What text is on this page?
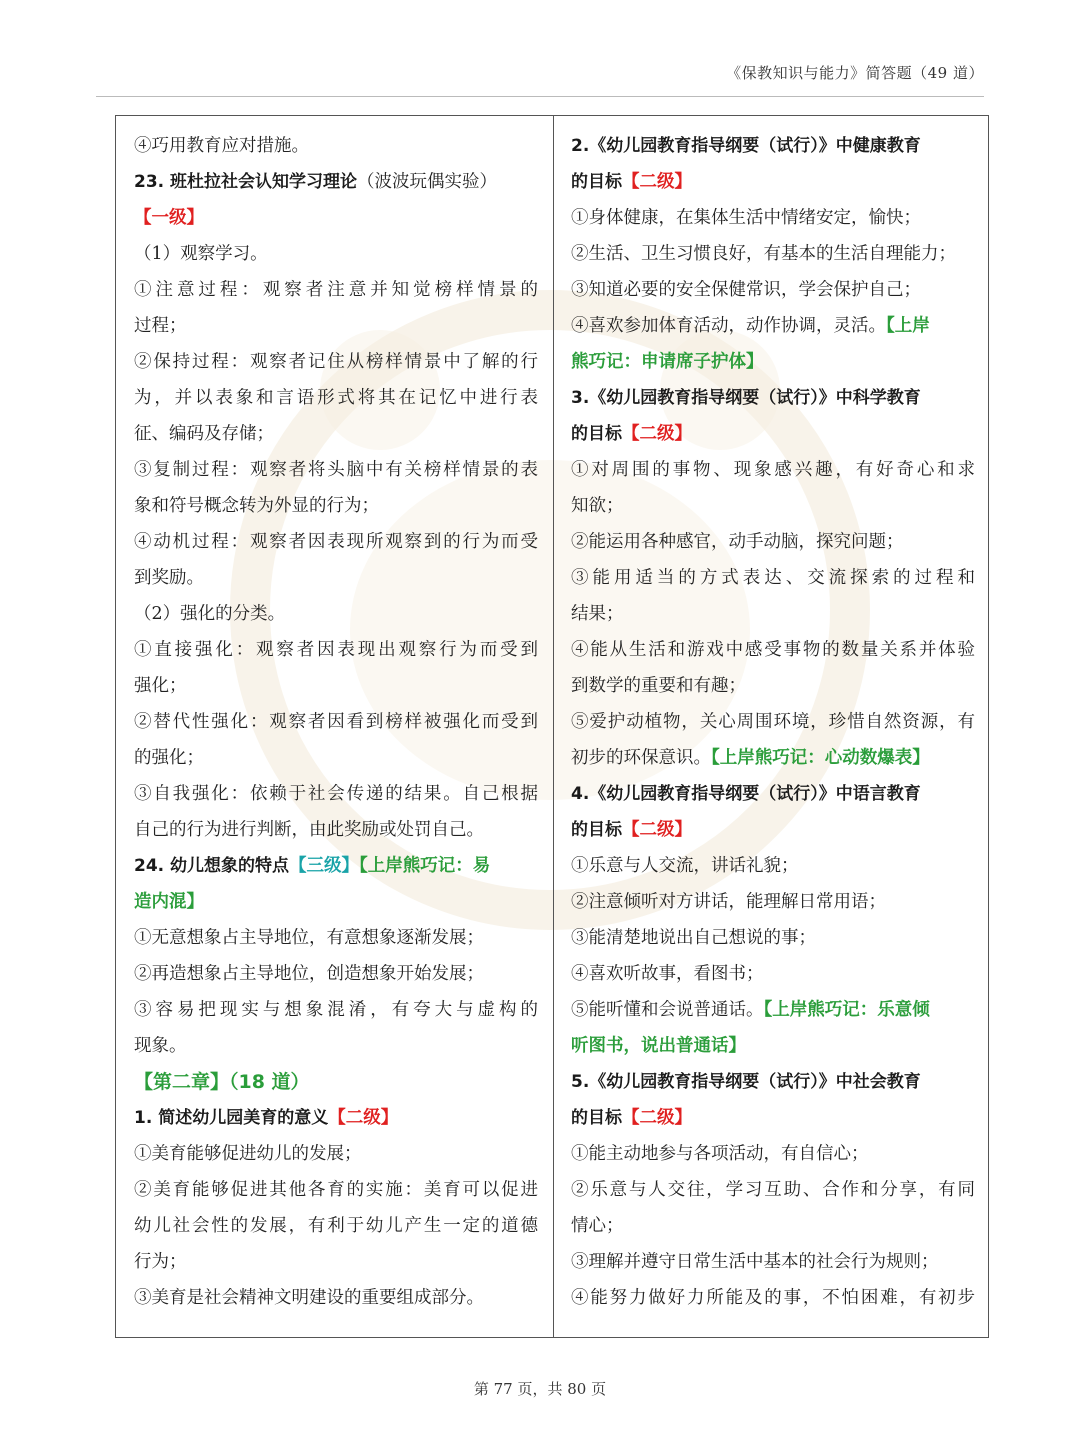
《保教知识与能力》简答题（49 道）
④巧用教育应对措施。
23. 班杜拉社会认知学习理论（波波玩偶实验）
【一级】
（1）观察学习。
①注意过程：观察者注意并知觉榜样情景的
过程；
②保持过程：观察者记住从榜样情景中了解的行
为，并以表象和言语形式将其在记忆中进行表
征、编码及存储；
③复制过程：观察者将头脑中有关榜样情景的表
象和符号概念转为外显的行为；
④动机过程：观察者因表现所观察到的行为而受
到奖励。
（2）强化的分类。
①直接强化：观察者因表现出观察行为而受到
强化；
②替代性强化：观察者因看到榜样被强化而受到
的强化；
③自我强化：依赖于社会传递的结果。自己根据
自己的行为进行判断，由此奖励或处罚自己。
24. 幼儿想象的特点【三级】【上岸熊巧记：易
造内混】
①无意想象占主导地位，有意想象逐渐发展；
②再造想象占主导地位，创造想象开始发展；
③容易把现实与想象混淆，有夸大与虚构的
现象。
【第二章】（18 道）
1. 简述幼儿园美育的意义【二级】
①美育能够促进幼儿的发展；
②美育能够促进其他各育的实施：美育可以促进
幼儿社会性的发展，有利于幼儿产生一定的道德
行为；
③美育是社会精神文明建设的重要组成部分。
2.《幼儿园教育指导纲要（试行）》中健康教育
的目标【二级】
①身体健康，在集体生活中情绪安定，愉快；
②生活、卫生习惯良好，有基本的生活自理能力；
③知道必要的安全保健常识，学会保护自己；
④喜欢参加体育活动，动作协调，灵活。【上岸
熊巧记：申请席子护体】
3.《幼儿园教育指导纲要（试行）》中科学教育
的目标【二级】
①对周围的事物、现象感兴趣，有好奇心和求
知欲；
②能运用各种感官，动手动脑，探究问题；
③能用适当的方式表达、交流探索的过程和
结果；
④能从生活和游戏中感受事物的数量关系并体验
到数学的重要和有趣；
⑤爱护动植物，关心周围环境，珍惜自然资源，有
初步的环保意识。【上岸熊巧记：心动数爆表】
4.《幼儿园教育指导纲要（试行）》中语言教育
的目标【二级】
①乐意与人交流，讲话礼貌；
②注意倾听对方讲话，能理解日常用语；
③能清楚地说出自己想说的事；
④喜欢听故事，看图书；
⑤能听懂和会说普通话。【上岸熊巧记：乐意倾
听图书，说出普通话】
5.《幼儿园教育指导纲要（试行）》中社会教育
的目标【二级】
①能主动地参与各项活动，有自信心；
②乐意与人交往，学习互助、合作和分享，有同
情心；
③理解并遵守日常生活中基本的社会行为规则；
④能努力做好力所能及的事，不怕困难，有初步
第 77 页，共 80 页
